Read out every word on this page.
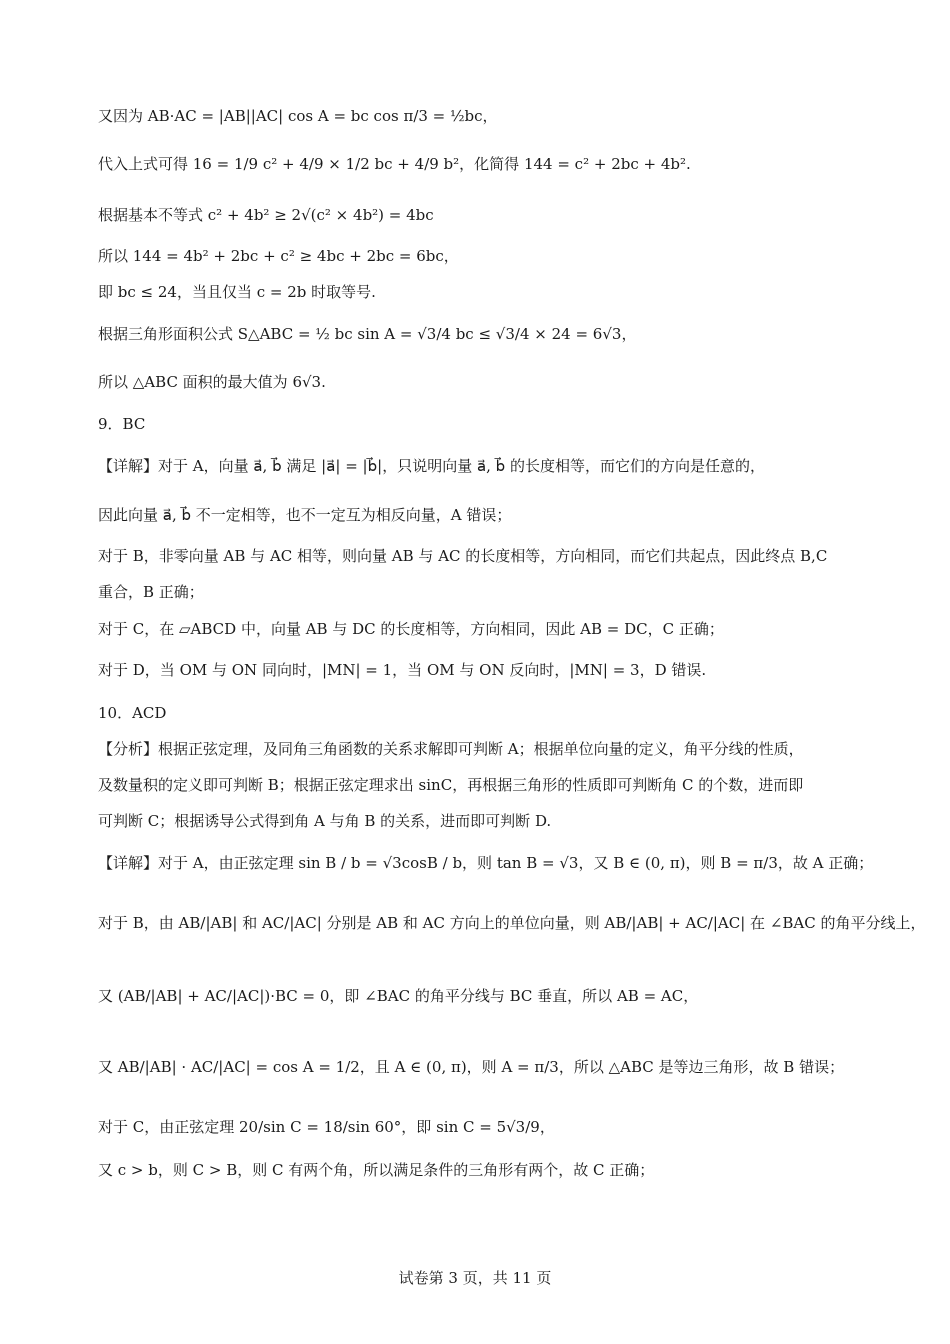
又因为 AB·AC = |AB||AC| cos A = bc cos π/3 = ½bc，
代入上式可得 16 = 1/9 c² + 4/9 × 1/2 bc + 4/9 b²，化简得 144 = c² + 2bc + 4b².
根据基本不等式 c² + 4b² ≥ 2√(c² × 4b²) = 4bc
所以 144 = 4b² + 2bc + c² ≥ 4bc + 2bc = 6bc，
即 bc ≤ 24，当且仅当 c = 2b 时取等号.
根据三角形面积公式 S△ABC = ½ bc sin A = √3/4 bc ≤ √3/4 × 24 = 6√3，
所以 △ABC 面积的最大值为 6√3.
9．BC
【详解】对于 A，向量 a⃗, b⃗ 满足 |a⃗| = |b⃗|，只说明向量 a⃗, b⃗ 的长度相等，而它们的方向是任意的，
因此向量 a⃗, b⃗ 不一定相等，也不一定互为相反向量，A 错误；
对于 B，非零向量 AB 与 AC 相等，则向量 AB 与 AC 的长度相等，方向相同，而它们共起点，因此终点 B,C
重合，B 正确；
对于 C，在 ▱ABCD 中，向量 AB 与 DC 的长度相等，方向相同，因此 AB = DC，C 正确；
对于 D，当 OM 与 ON 同向时，|MN| = 1，当 OM 与 ON 反向时，|MN| = 3，D 错误.
10．ACD
【分析】根据正弦定理，及同角三角函数的关系求解即可判断 A；根据单位向量的定义，角平分线的性质，
及数量积的定义即可判断 B；根据正弦定理求出 sinC，再根据三角形的性质即可判断角 C 的个数，进而即
可判断 C；根据诱导公式得到角 A 与角 B 的关系，进而即可判断 D.
【详解】对于 A，由正弦定理 sin B / b = √3cosB / b，则 tan B = √3，又 B ∈ (0, π)，则 B = π/3，故 A 正确；
对于 B，由 AB/|AB| 和 AC/|AC| 分别是 AB 和 AC 方向上的单位向量，则 AB/|AB| + AC/|AC| 在 ∠BAC 的角平分线上，
又 (AB/|AB| + AC/|AC|)·BC = 0，即 ∠BAC 的角平分线与 BC 垂直，所以 AB = AC，
又 AB/|AB| · AC/|AC| = cos A = 1/2，且 A ∈ (0, π)，则 A = π/3，所以 △ABC 是等边三角形，故 B 错误；
对于 C，由正弦定理 20/sin C = 18/sin 60°，即 sin C = 5√3/9，
又 c > b，则 C > B，则 C 有两个角，所以满足条件的三角形有两个，故 C 正确；
试卷第 3 页，共 11 页
